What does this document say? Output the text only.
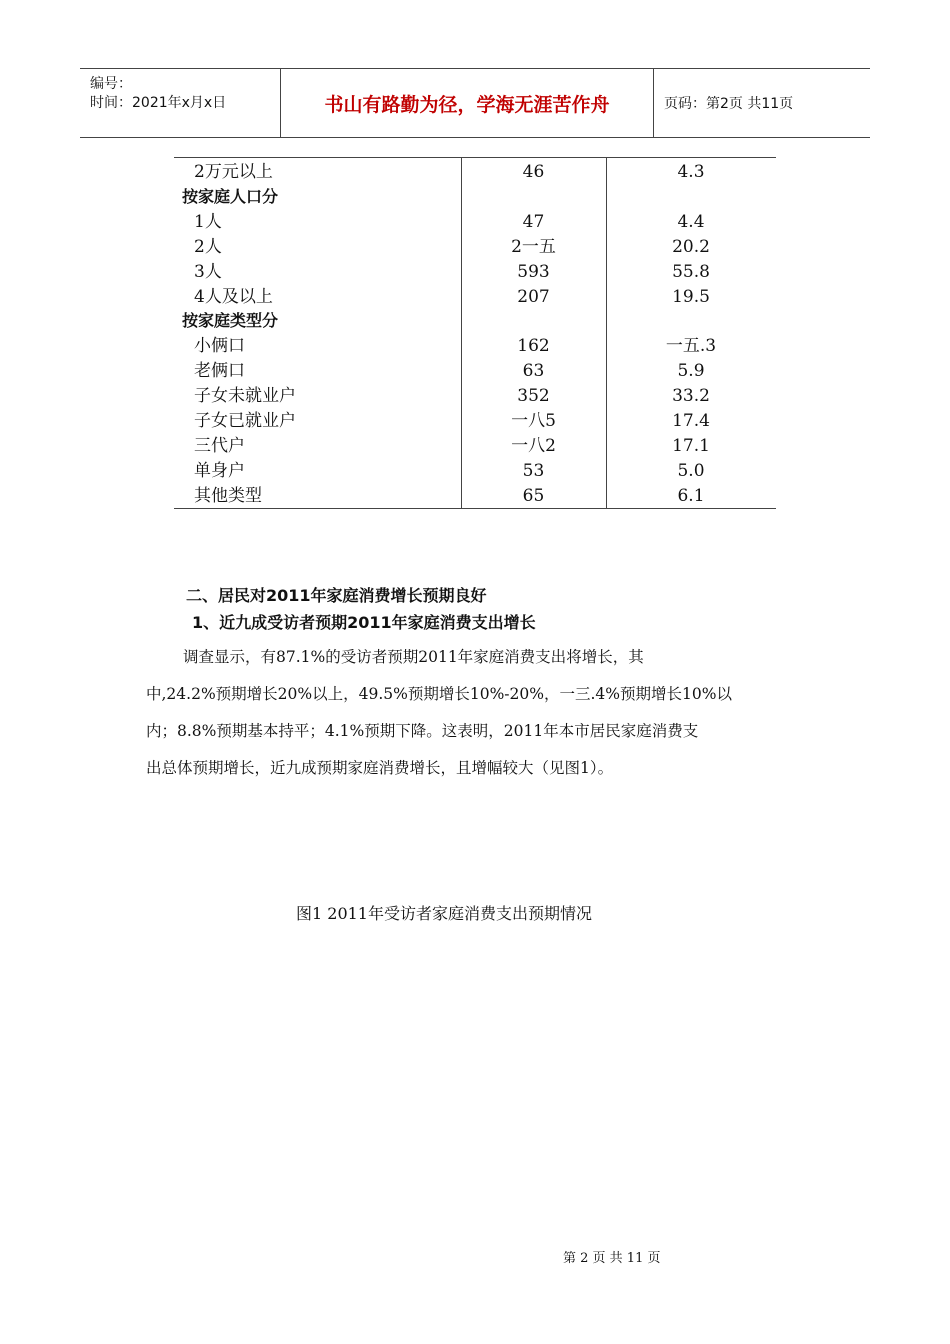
编号：
时间：2021年x月x日	书山有路勤为径，学海无涯苦作舟	页码：第2页 共11页
2万元以上	46	4.3
按家庭人口分
1人	47	4.4
2人	2一五	20.2
3人	593	55.8
4人及以上	207	19.5
按家庭类型分
小俩口	162	一五.3
老俩口	63	5.9
子女未就业户	352	33.2
子女已就业户	一八5	17.4
三代户	一八2	17.1
单身户	53	5.0
其他类型	65	6.1
二、居民对2011年家庭消费增长预期良好
1、近九成受访者预期2011年家庭消费支出增长
调查显示，有87.1%的受访者预期2011年家庭消费支出将增长，其
中,24.2%预期增长20%以上，49.5%预期增长10%-20%，一三.4%预期增长10%以
内；8.8%预期基本持平；4.1%预期下降。这表明，2011年本市居民家庭消费支
出总体预期增长，近九成预期家庭消费增长，且增幅较大（见图1）。
图1 2011年受访者家庭消费支出预期情况
第 2 页 共 11 页
